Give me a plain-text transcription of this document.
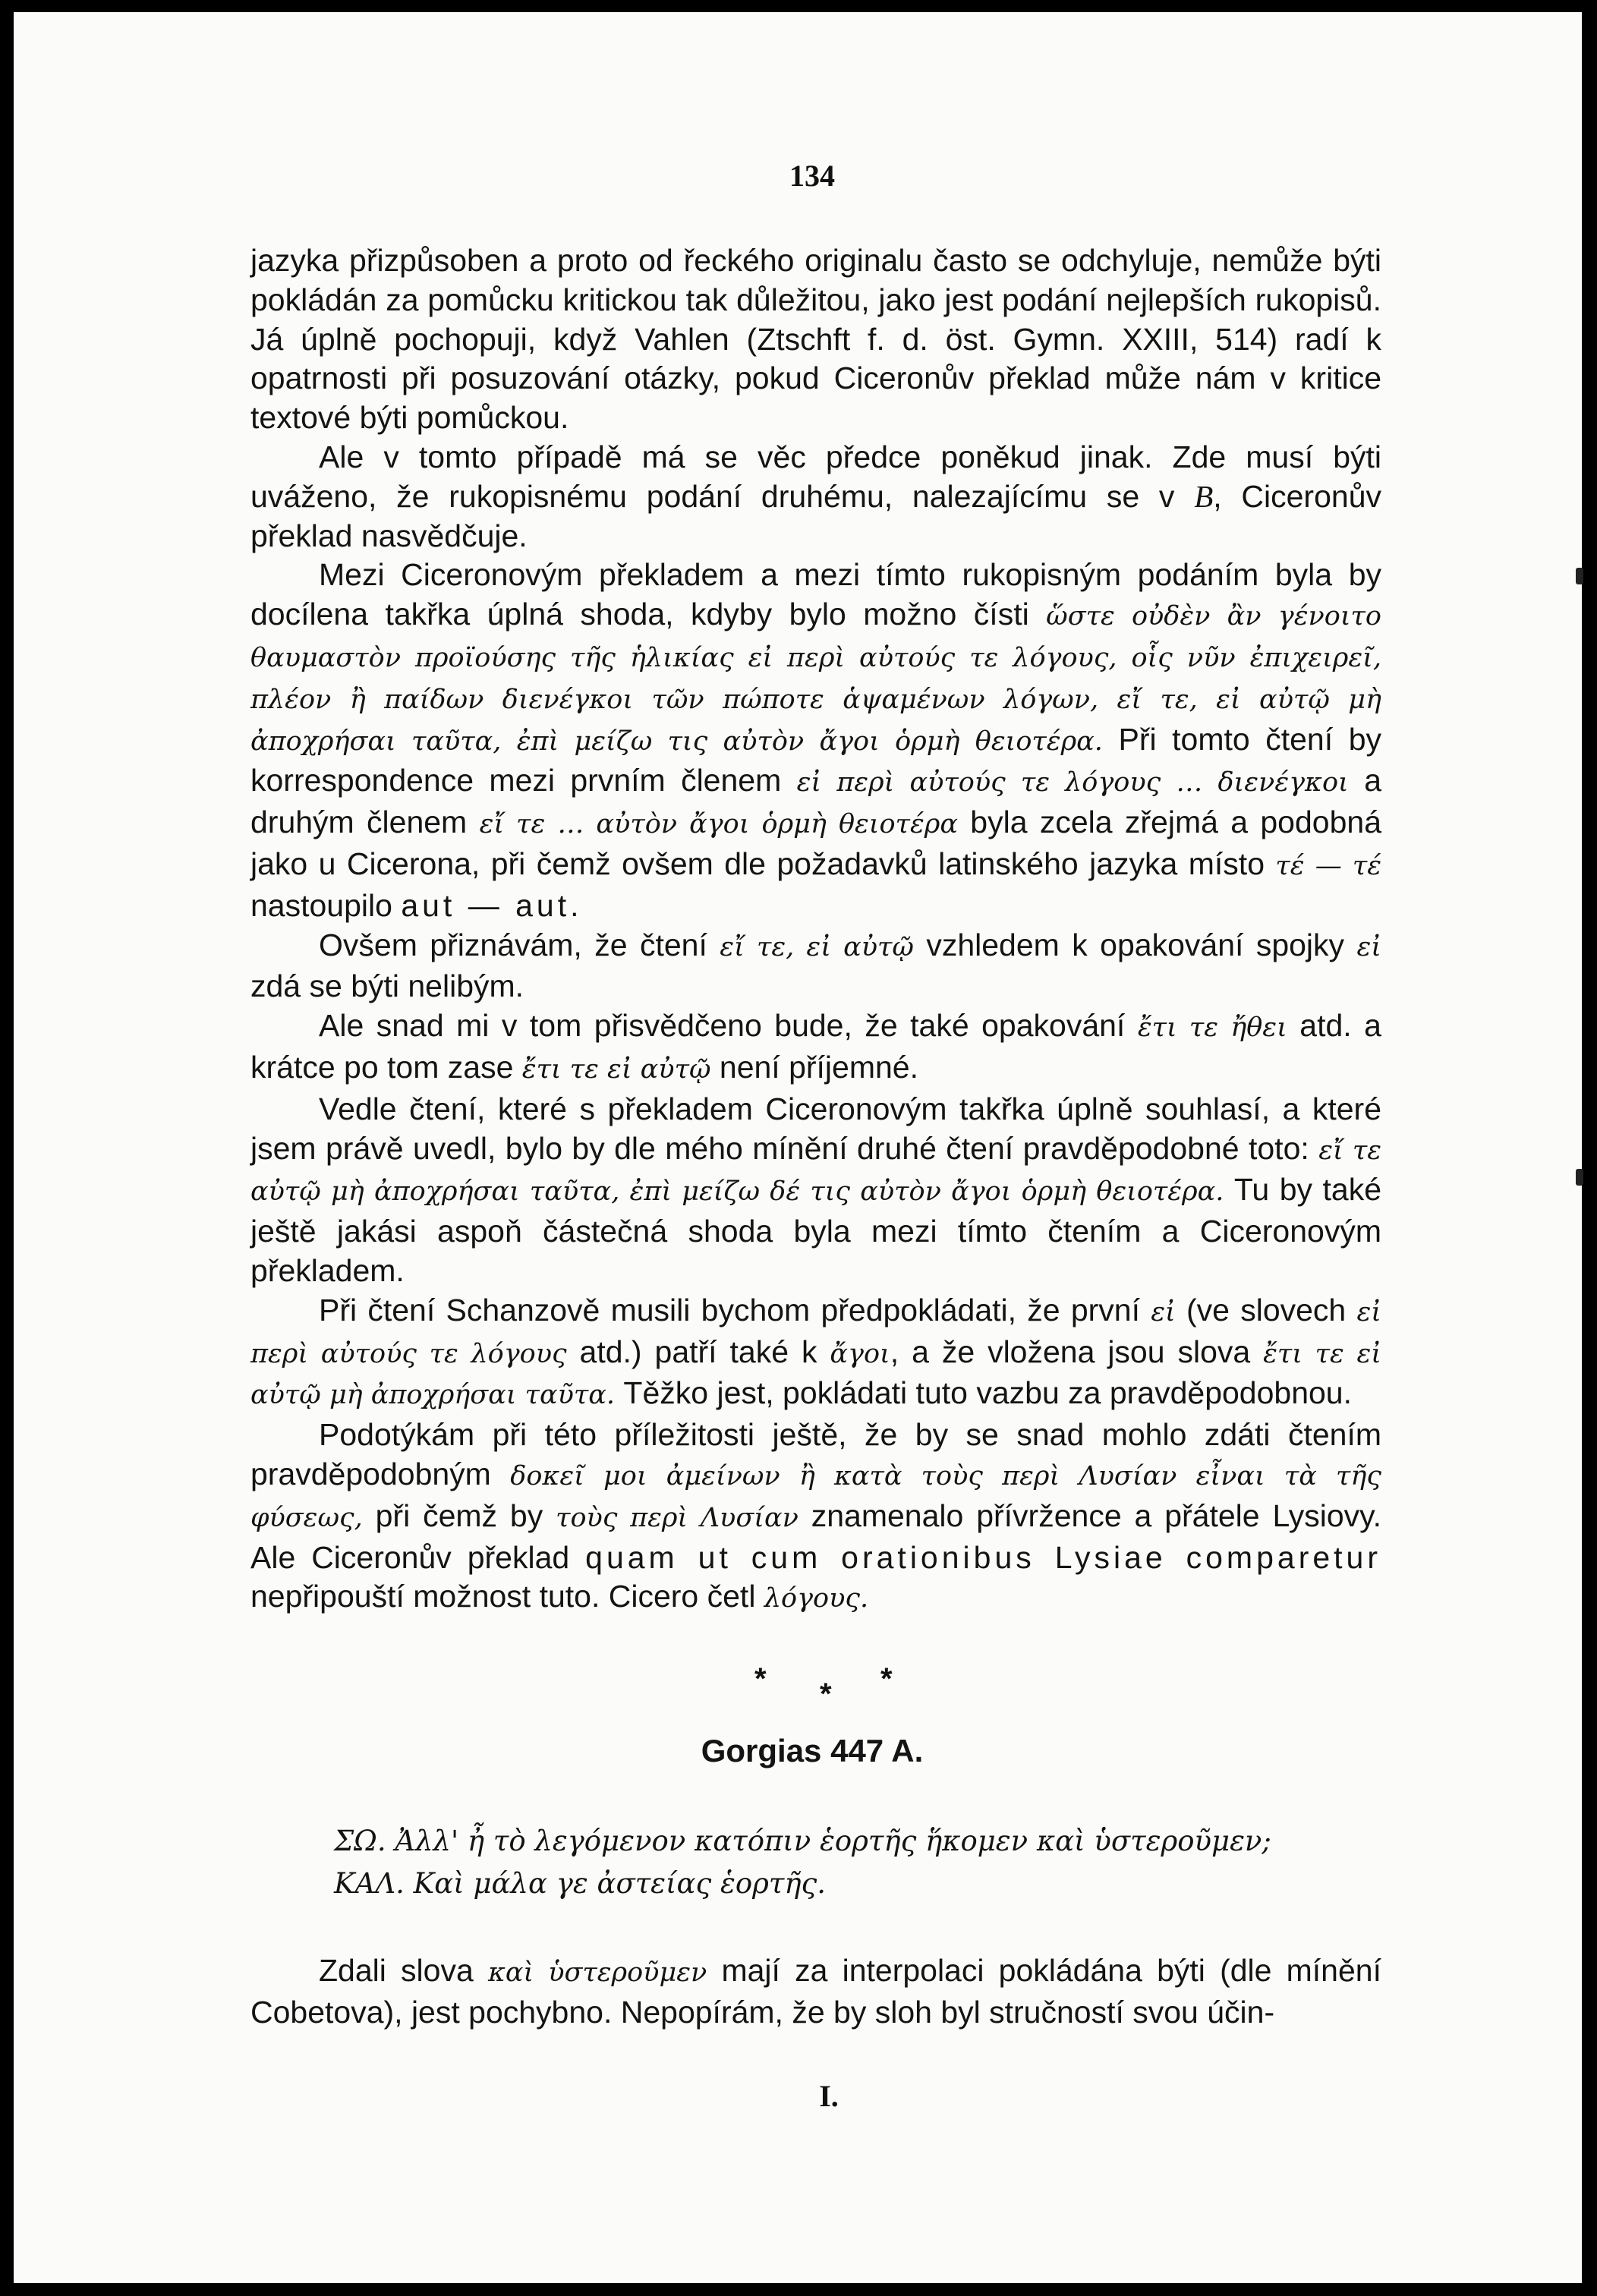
134

jazyka přizpůsoben a proto od řeckého originalu často se odchyluje, nemůže býti pokládán za pomůcku kritickou tak důležitou, jako jest podání nejlepších rukopisů. Já úplně pochopuji, když Vahlen (Ztschft f. d. öst. Gymn. XXIII, 514) radí k opatrnosti při posuzování otázky, pokud Ciceronův překlad může nám v kritice textové býti pomůckou.

Ale v tomto případě má se věc předce poněkud jinak. Zde musí býti uváženo, že rukopisnému podání druhému, nalezajícímu se v B, Ciceronův překlad nasvědčuje.

Mezi Ciceronovým překladem a mezi tímto rukopisným podáním byla by docílena takřka úplná shoda, kdyby bylo možno čísti ὥστε οὐδὲν ἂν γένοιτο θαυμαστὸν προϊούσης τῆς ἡλικίας εἰ περὶ αὐτούς τε λόγους, οἷς νῦν ἐπιχειρεῖ, πλέον ἢ παίδων διενέγκοι τῶν πώποτε ἁψαμένων λόγων, εἴ τε, εἰ αὐτῷ μὴ ἀποχρήσαι ταῦτα, ἐπὶ μείζω τις αὐτὸν ἄγοι ὁρμὴ θειοτέρα. Při tomto čtení by korrespondence mezi prvním členem εἰ περὶ αὐτούς τε λόγους … διενέγκοι a druhým členem εἴ τε … αὐτὸν ἄγοι ὁρμὴ θειοτέρα byla zcela zřejmá a podobná jako u Cicerona, při čemž ovšem dle požadavků latinského jazyka místo τέ — τέ nastoupilo aut — aut.

Ovšem přiznávám, že čtení εἴ τε, εἰ αὐτῷ vzhledem k opakování spojky εἰ zdá se býti nelibým.

Ale snad mi v tom přisvědčeno bude, že také opakování ἔτι τε ἤθει atd. a krátce po tom zase ἔτι τε εἰ αὐτῷ není příjemné.

Vedle čtení, které s překladem Ciceronovým takřka úplně souhlasí, a které jsem právě uvedl, bylo by dle mého mínění druhé čtení pravděpodobné toto: εἴ τε αὐτῷ μὴ ἀποχρήσαι ταῦτα, ἐπὶ μείζω δέ τις αὐτὸν ἄγοι ὁρμὴ θειοτέρα. Tu by také ještě jakási aspoň částečná shoda byla mezi tímto čtením a Ciceronovým překladem.

Při čtení Schanzově musili bychom předpokládati, že první εἰ (ve slovech εἰ περὶ αὐτούς τε λόγους atd.) patří také k ἄγοι, a že vložena jsou slova ἔτι τε εἰ αὐτῷ μὴ ἀποχρήσαι ταῦτα. Těžko jest, pokládati tuto vazbu za pravděpodobnou.

Podotýkám při této příležitosti ještě, že by se snad mohlo zdáti čtením pravděpodobným δοκεῖ μοι ἀμείνων ἢ κατὰ τοὺς περὶ Λυσίαν εἶναι τὰ τῆς φύσεως, při čemž by τοὺς περὶ Λυσίαν znamenalo přívržence a přátele Lysiovy. Ale Ciceronův překlad quam ut cum orationibus Lysiae comparetur nepřipouští možnost tuto. Cicero četl λόγους.

* * *
Gorgias 447 A.

ΣΩ. Ἀλλ' ἦ τὸ λεγόμενον κατόπιν ἑορτῆς ἥκομεν καὶ ὑστεροῦμεν;

ΚΑΛ. Καὶ μάλα γε ἀστείας ἑορτῆς.

Zdali slova καὶ ὑστεροῦμεν mají za interpolaci pokládána býti (dle mínění Cobetova), jest pochybno. Nepopírám, že by sloh byl stručností svou účin-

I.
